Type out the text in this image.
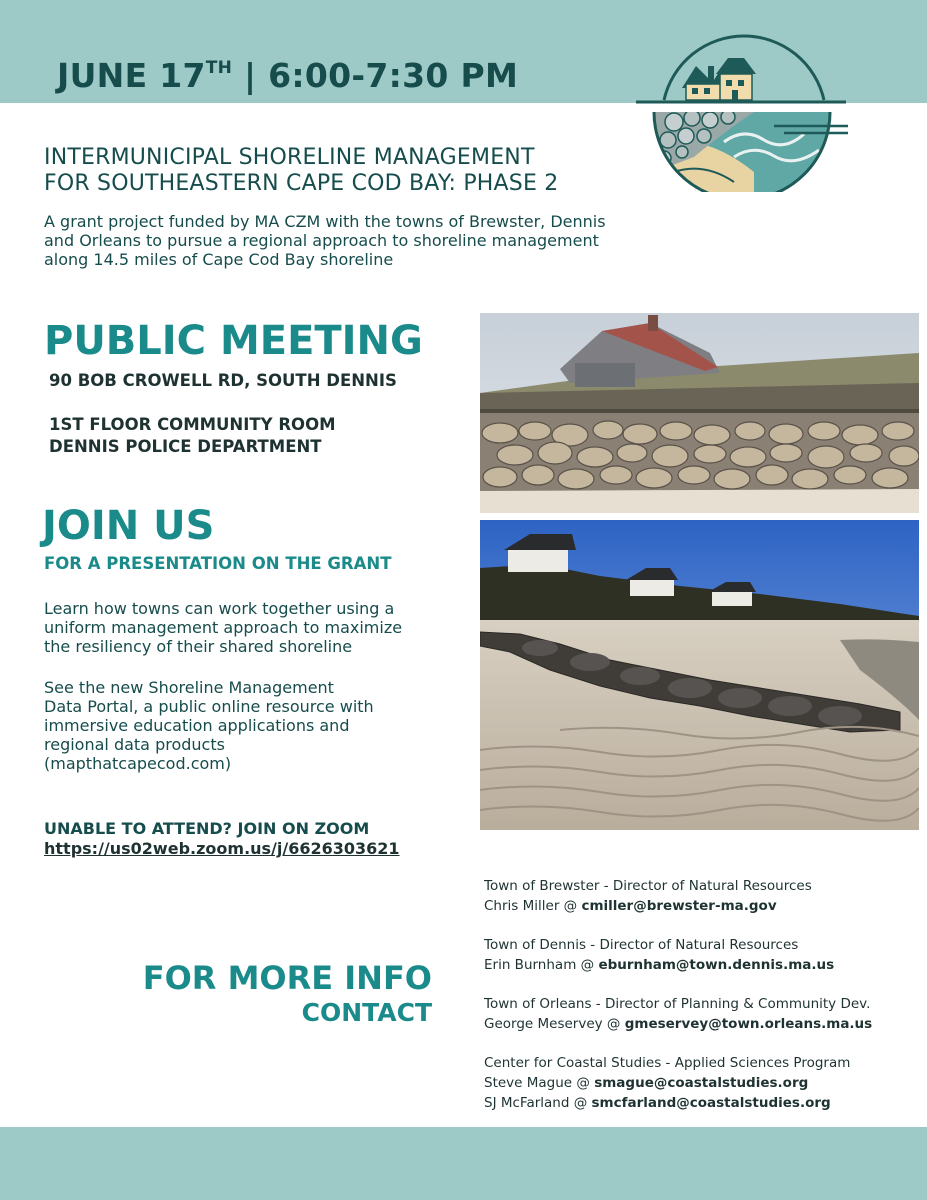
JUNE 17TH | 6:00-7:30 PM
INTERMUNICIPAL SHORELINE MANAGEMENT
FOR SOUTHEASTERN CAPE COD BAY: PHASE 2
A grant project funded by MA CZM with the towns of Brewster, Dennis
and Orleans to pursue a regional approach to shoreline management
along 14.5 miles of Cape Cod Bay shoreline
PUBLIC MEETING
90 BOB CROWELL RD, SOUTH DENNIS
1ST FLOOR COMMUNITY ROOM
DENNIS POLICE DEPARTMENT
JOIN US
FOR A PRESENTATION ON THE GRANT
Learn how towns can work together using a
uniform management approach to maximize
the resiliency of their shared shoreline
See the new Shoreline Management
Data Portal, a public online resource with
immersive education applications and
regional data products
(mapthatcapecod.com)
UNABLE TO ATTEND? JOIN ON ZOOM
https://us02web.zoom.us/j/6626303621
FOR MORE INFO
CONTACT
Town of Brewster - Director of Natural Resources
Chris Miller @ cmiller@brewster-ma.gov
Town of Dennis - Director of Natural Resources
Erin Burnham @ eburnham@town.dennis.ma.us
Town of Orleans - Director of Planning & Community Dev.
George Meservey @ gmeservey@town.orleans.ma.us
Center for Coastal Studies - Applied Sciences Program
Steve Mague @ smague@coastalstudies.org
SJ McFarland @ smcfarland@coastalstudies.org
